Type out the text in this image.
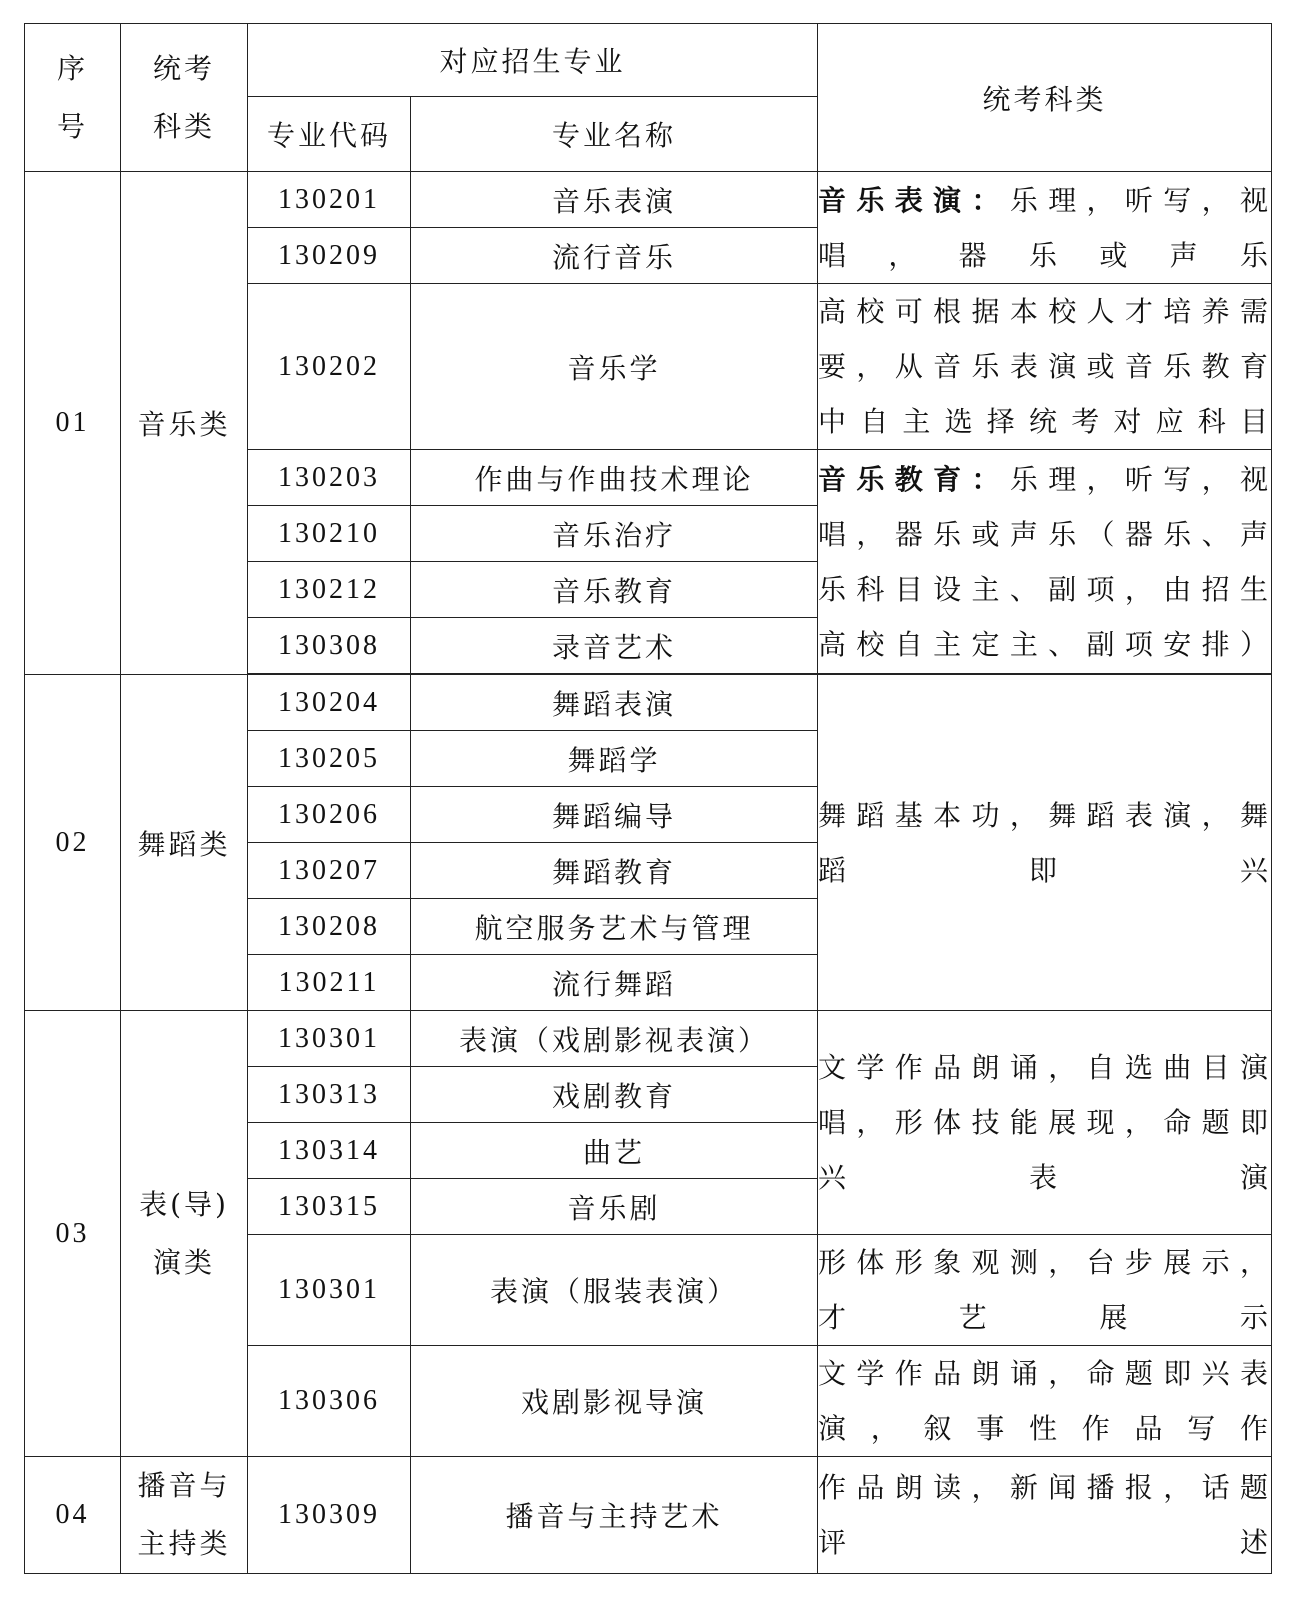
序
号	统考
科类	对应招生专业		统考科类
		专业代码	专业名称	
01	音乐类	130201	音乐表演	音乐表演：乐理，听写，视
唱，器乐或声乐

		130209	流行音乐	
		130202	音乐学	高校可根据本校人才培养需
要，从音乐表演或音乐教育
中自主选择统考对应科目

		130203	作曲与作曲技术理论	音乐教育：乐理，听写，视
唱，器乐或声乐（器乐、声
乐科目设主、副项，由招生
高校自主定主、副项安排）

		130210	音乐治疗	
		130212	音乐教育	
		130308	录音艺术	

02	舞蹈类	130204	舞蹈表演	舞蹈基本功，舞蹈表演，舞
蹈即兴

		130205	舞蹈学	
		130206	舞蹈编导	
		130207	舞蹈教育	
		130208	航空服务艺术与管理	
		130211	流行舞蹈	
03	表(导)
演类	130301	表演（戏剧影视表演）	文学作品朗诵，自选曲目演
唱，形体技能展现，命题即
兴表演

		130313	戏剧教育	
		130314	曲艺	
		130315	音乐剧	
		130301	表演（服装表演）	形体形象观测，台步展示，
才艺展示

		130306	戏剧影视导演	文学作品朗诵，命题即兴表
演，叙事性作品写作

04	播音与
主持类	130309	播音与主持艺术	作品朗读，新闻播报，话题
评述
